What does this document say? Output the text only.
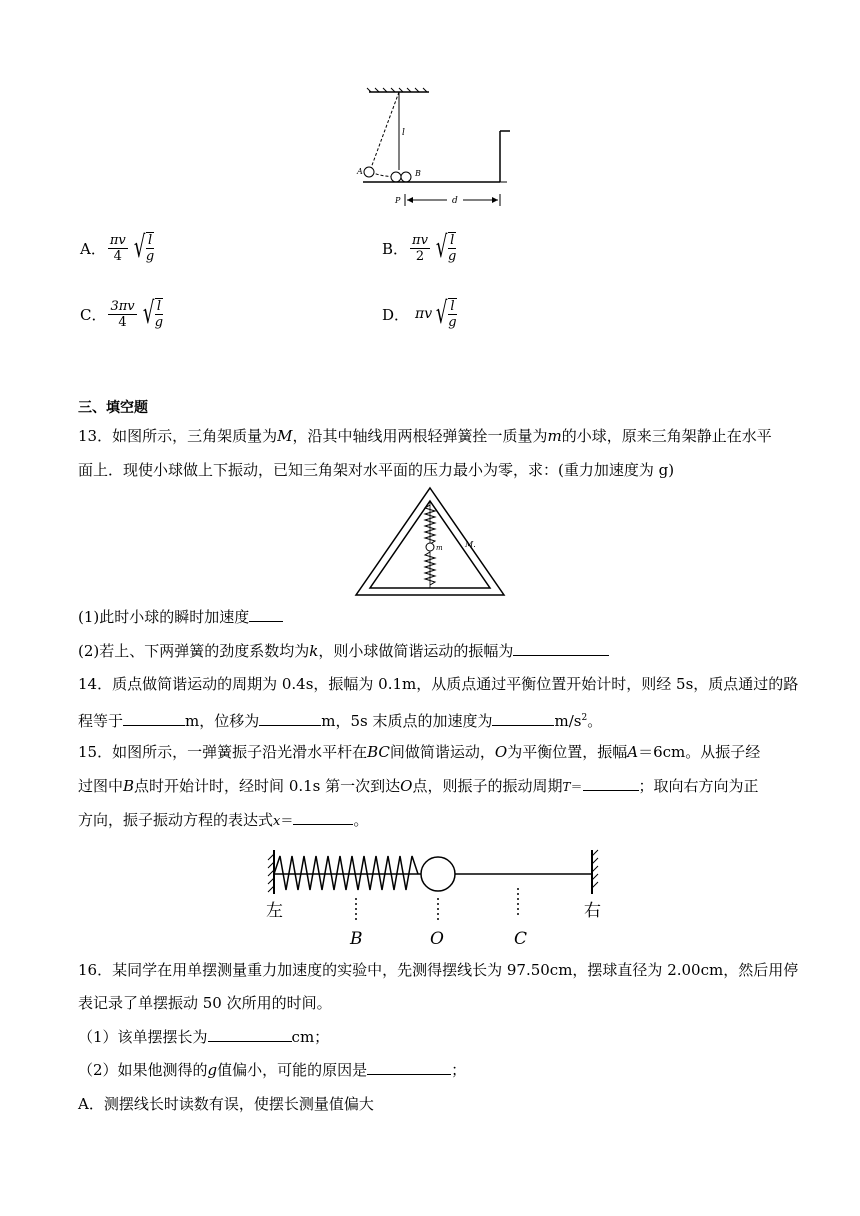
l
A	B
P	d
A． $\frac{\pi v}{4}$ √ l
g	B． $\frac{\pi v}{2}$ √ l
g
C． $\frac{3\pi v}{4}$ √ l
g	D． πv √ l
g
三、填空题
13．如图所示，三角架质量为M，沿其中轴线用两根轻弹簧拴一质量为m的小球，原来三角架静止在水平
面上．现使小球做上下振动，已知三角架对水平面的压力最小为零，求：(重力加速度为 g)
m	M.
(1)此时小球的瞬时加速度
(2)若上、下两弹簧的劲度系数均为k，则小球做简谐运动的振幅为
14．质点做简谐运动的周期为 0.4s，振幅为 0.1m，从质点通过平衡位置开始计时，则经 5s，质点通过的路
程等于	m，位移为	m，5s 末质点的加速度为	$m/s^2$。
15．如图所示，一弹簧振子沿光滑水平杆在BC间做简谐运动，O为平衡位置，振幅A＝6cm。从振子经
过图中B点时开始计时，经时间 0.1s 第一次到达O点，则振子的振动周期T＝	；取向右方向为正
方向，振子振动方程的表达式x＝	。
左	右
B	O	C
16．某同学在用单摆测量重力加速度的实验中，先测得摆线长为 97.50cm，摆球直径为 2.00cm，然后用停
表记录了单摆振动 50 次所用的时间。
（1）该单摆摆长为	cm；
（2）如果他测得的g值偏小，可能的原因是	；
A．测摆线长时读数有误，使摆长测量值偏大
